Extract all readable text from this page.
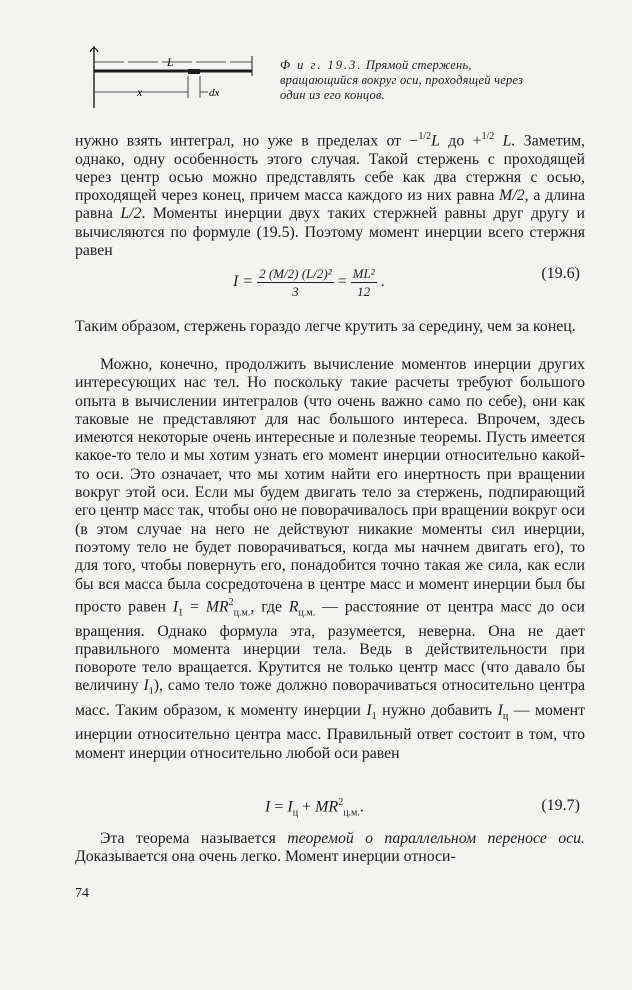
L
x	dx
Ф и г. 19.3. Прямой стержень, вращающийся вокруг оси, проходящей через один из его концов.

нужно взять интеграл, но уже в пределах от −$^{1/2}$L до +$^{1/2}$ L. Заметим, однако, одну особенность этого случая. Такой стержень с проходящей через центр осью можно представлять себе как два стержня с осью, проходящей через конец, причем масса каждого из них равна M/2, а длина равна L/2. Моменты инерции двух таких стержней равны друг другу и вычисляются по формуле (19.5). Поэтому момент инерции всего стержня равен

$I = \frac{\text{2 (M/2) (L/2)²}}{3} = \frac{\text{ML²}}{12}$ .	(19.6)

Таким образом, стержень гораздо легче крутить за середину, чем за конец.

Можно, конечно, продолжить вычисление моментов инерции других интересующих нас тел. Но поскольку такие расчеты требуют большого опыта в вычислении интегралов (что очень важно само по себе), они как таковые не представляют для нас большого интереса. Впрочем, здесь имеются некоторые очень интересные и полезные теоремы. Пусть имеется какое-то тело и мы хотим узнать его момент инерции относительно какой-то оси. Это означает, что мы хотим найти его инертность при вращении вокруг этой оси. Если мы будем двигать тело за стержень, подпирающий его центр масс так, чтобы оно не поворачивалось при вращении вокруг оси (в этом случае на него не действуют никакие моменты сил инерции, поэтому тело не будет поворачиваться, когда мы начнем двигать его), то для того, чтобы повернуть его, понадобится точно такая же сила, как если бы вся масса была сосредоточена в центре масс и момент инерции был бы просто равен $I_1 = MR^2_{ц.м.}$, где $R_{ц.м.}$ — расстояние от центра масс до оси вращения. Однако формула эта, разумеется, неверна. Она не дает правильного момента инерции тела. Ведь в действительности при повороте тело вращается. Крутится не только центр масс (что давало бы величину $I_1$), само тело тоже должно поворачиваться относительно центра масс. Таким образом, к моменту инерции $I_1$ нужно добавить $I_ц$ — момент инерции относительно центра масс. Правильный ответ состоит в том, что момент инерции относительно любой оси равен

$I = I_ц + MR^2_{ц.м.}$.	(19.7)

Эта теорема называется теоремой о параллельном переносе оси. Доказывается она очень легко. Момент инерции относи-

74
